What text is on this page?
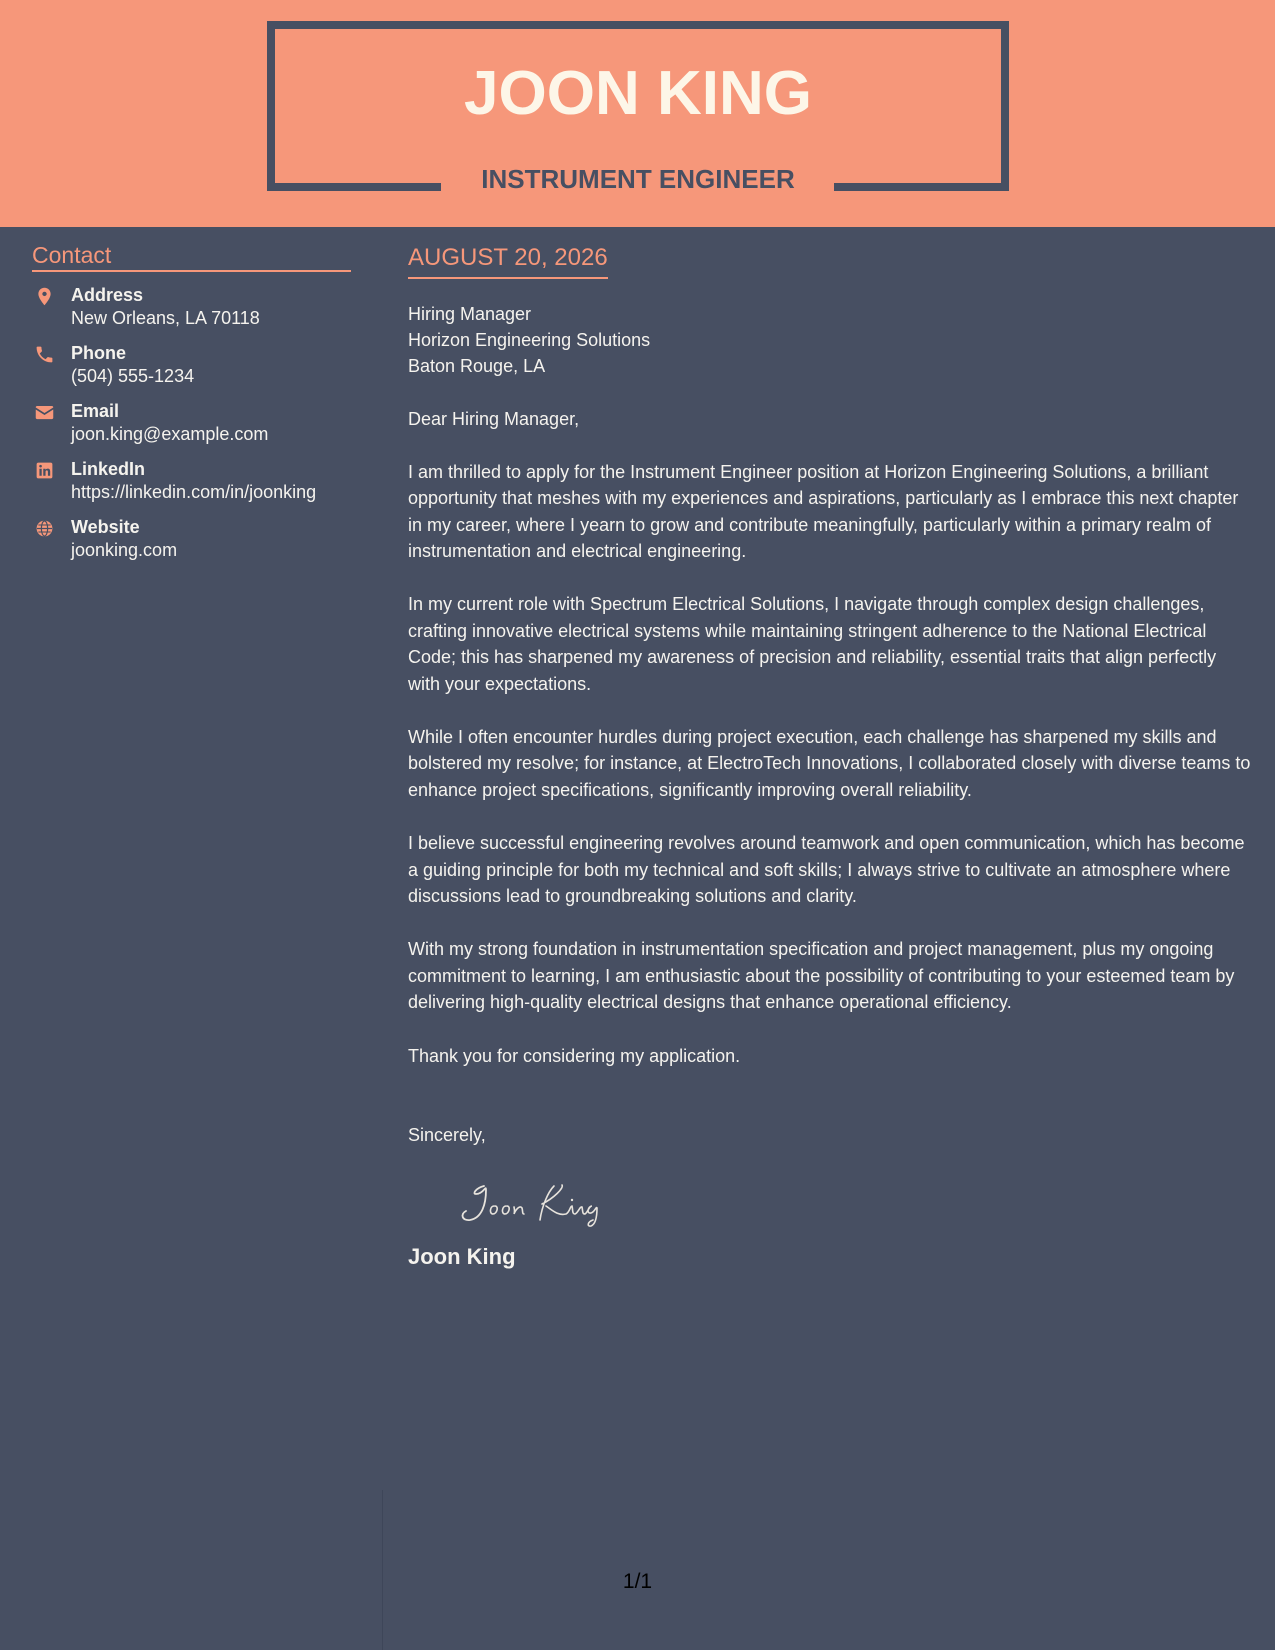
JOON KING
INSTRUMENT ENGINEER
Contact
Address
New Orleans, LA 70118
Phone
(504) 555-1234
Email
joon.king@example.com
LinkedIn
https://linkedin.com/in/joonking
Website
joonking.com
AUGUST 20, 2026
Hiring Manager
Horizon Engineering Solutions
Baton Rouge, LA
Dear Hiring Manager,

I am thrilled to apply for the Instrument Engineer position at Horizon Engineering Solutions, a brilliant opportunity that meshes with my experiences and aspirations, particularly as I embrace this next chapter in my career, where I yearn to grow and contribute meaningfully, particularly within a primary realm of instrumentation and electrical engineering.

In my current role with Spectrum Electrical Solutions, I navigate through complex design challenges, crafting innovative electrical systems while maintaining stringent adherence to the National Electrical Code; this has sharpened my awareness of precision and reliability, essential traits that align perfectly with your expectations.

While I often encounter hurdles during project execution, each challenge has sharpened my skills and bolstered my resolve; for instance, at ElectroTech Innovations, I collaborated closely with diverse teams to enhance project specifications, significantly improving overall reliability.

I believe successful engineering revolves around teamwork and open communication, which has become a guiding principle for both my technical and soft skills; I always strive to cultivate an atmosphere where discussions lead to groundbreaking solutions and clarity.

With my strong foundation in instrumentation specification and project management, plus my ongoing commitment to learning, I am enthusiastic about the possibility of contributing to your esteemed team by delivering high-quality electrical designs that enhance operational efficiency.

Thank you for considering my application.

Sincerely,
Joon King
1/1
